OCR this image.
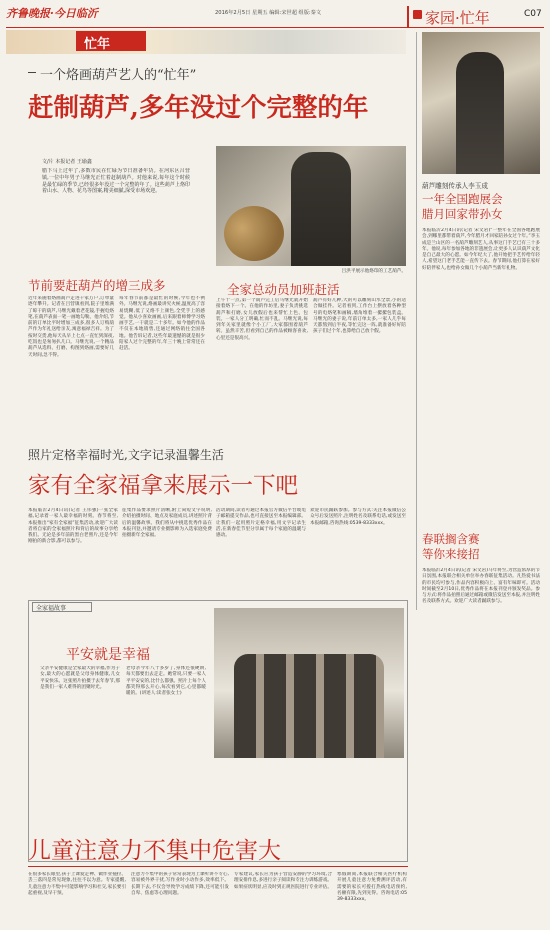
齐鲁晚报·今日临沂	2016年2月5日 星期五 编辑:宋世超 组版:秦文	家园·忙年	C07
忙年
一个烙画葫芦艺人的“忙年”
赶制葫芦,多年没过个完整的年
文/片 本报记者 王瑜鑫
腊下马上过年了,多数市民在忙碌为节日准备年货。在河东区吕营镇,一位中年男子马继光正忙着赶制葫芦。对他来说,每年这个时候是最忙碌的季节,已经很多年没过一个完整的年了。这些葫芦上烙印着山水、人物、花鸟等图案,精美细腻,深受市场欢迎。
吕洪平展示他烙印的工艺葫芦。
节前要赶葫芦的增三成多
近年来随着烙画葫芦走进千家万户,订单量逐年攀升。记者在吕营镇看到,院子里堆满了晾干的葫芦,马继光戴着老花镜,手握电烙笔,在葫芦表面一笔一画地勾勒。他介绍,节前的订单比平时增加三成多,很多人订购葫芦作为年礼送给亲友,寓意福禄吉祥。为了按时交货,他每天从早上七点一直忙到深夜,吃饭也是匆匆扒几口。马继光说,一个精品葫芦从选料、打磨、构图到烙画,需要好几天时间,急不得。
每年春节前都是最忙的时候,今年也不例外。马继光说,烙画最讲究火候,温度高了容易烧糊,低了又烙不上颜色,全凭手上的感觉。他从小喜欢画画,后来跟着师傅学习烙画手艺,一干就是二十多年。如今他的作品不仅在本地销售,还通过网络销往全国各地。他告诉记者,这些年最遗憾的就是很少陪家人过个完整的年,年三十晚上常常还在赶活。
全家总动员加班赶活
上午十一点,第一个葫芦完工后马继光就开始接着烙下一个。在他的作坊里,妻子负责挑选葫芦和打磨,女儿放假后也来帮忙上色、包装。一家人分工明确,忙而不乱。马继光说,每到年关家里就像个小工厂,大家都围着葫芦转。虽然辛苦,但看到自己的作品被顾客喜欢,心里还是很高兴。
葫芦有好几种,大的可以雕刻山水全景,小的适合做挂件。记者看到,工作台上摆放着各种型号的电烙笔和画稿,墙角堆着一摞摞包装盒。马继光的妻子说,年前订单太多,一家人几乎每天都熬到后半夜,等忙完这一阵,就准备好好陪孩子们过个年,也算给自己放个假。
葫芦雕刻传承人李玉成
一年全国跑展会
腊月回家带孙女
本报临沂2月4日讯(记者 宋文岩)“一整年在全国各地跑展会,到哪里都带着葫芦,今年腊月才回家陪孙女过个年。”李玉成是兰山区的一名葫芦雕刻艺人,从事这门手艺已有三十多年。他说,每年参加各地的非遗展会,让更多人认识葫芦文化是自己最大的心愿。如今年纪大了,他开始把手艺传给年轻人,希望这门老手艺能一直传下去。春节期间,他打算在家好好陪伴家人,也给孙女做几个小葫芦当新年礼物。
春联搁含赛
等你来接招
本报临沂2月4日讯(记者 宋文岩)马年将至,为营造浓厚的节日氛围,本报联合相关单位举办春联征集活动。凡热爱书法的市民均可参与,作品内容积极向上、富有年味即可。活动时间截至2月10日,优秀作品将在本报刊登并颁发奖品。参与方式:将作品拍照后通过邮箱或微信发送至本报,并注明姓名及联系方式。欢迎广大读者踊跃参与。
照片定格幸福时光,文字记录温馨生活
家有全家福拿来展示一下吧
本报临沂2月4日讯(记者 王伟强)一张全家福,记录着一家人最幸福的时刻。春节将至,本报推出“家有全家福”征集活动,欢迎广大读者将自家的全家福照片和背后的故事分享给我们。无论是多年前的黑白老照片,还是今年刚拍的新合影,都可以参与。
征集作品要求照片清晰,附上简短文字说明,介绍拍摄时间、地点及家庭成员,讲述照片背后的温馨故事。我们将从中挑选优秀作品在本报刊登,并邀请专业摄影师为入选家庭免费拍摄新年全家福。
活动期间,读者可通过本报官方微信平台或电子邮箱提交作品,也可直接送至本报编辑部。让我们一起用照片定格幸福,用文字记录生活,在新春佳节里分享属于每个家庭的温暖与感动。
欢迎市民踊跃参加。参与方式:关注本报微信公众号后发送照片,注明姓名及联系电话,或发送至本报邮箱,咨询热线:0539-8333xxx。
全家福故事
平安就是幸福
父亲平安健康是全家最大的幸福,作为子女,最大的心愿就是父母身体健康,儿女平安快乐。这张照片拍摄于去年春节,那是我们一家人难得的团聚时光。
老母亲今年八十多岁了,身体还很硬朗,每天都要出去走走。她常说,只要一家人平平安安的,比什么都强。照片上每个人都笑得那么开心,每次看到它,心里都暖暖的。(讲述人:读者张女士)
儿童注意力不集中危害大
在很多家长眼里,孩子上课爱走神、做作业拖拉、丢三落四是常见现象,往往不以为意。专家提醒,儿童注意力不集中可能影响学习和社交,家长要引起重视,及早干预。
注意力不集中的孩子常常表现为上课听讲不专心,容易被外界干扰,写作业时小动作多,效率低下。长期下去,不仅会导致学习成绩下降,还可能引发自卑、焦虑等心理问题。
专家建议,家长应为孩子营造安静的学习环境,合理安排作息,多进行亲子阅读和专注力训练游戏。如果症状明显,应及时到正规医院进行专业评估。
寒假期间,本报联合相关医疗机构开展儿童注意力免费测评活动,有需要的家长可拨打热线电话预约,名额有限,先到先得。咨询电话:0539-8333xxx。
